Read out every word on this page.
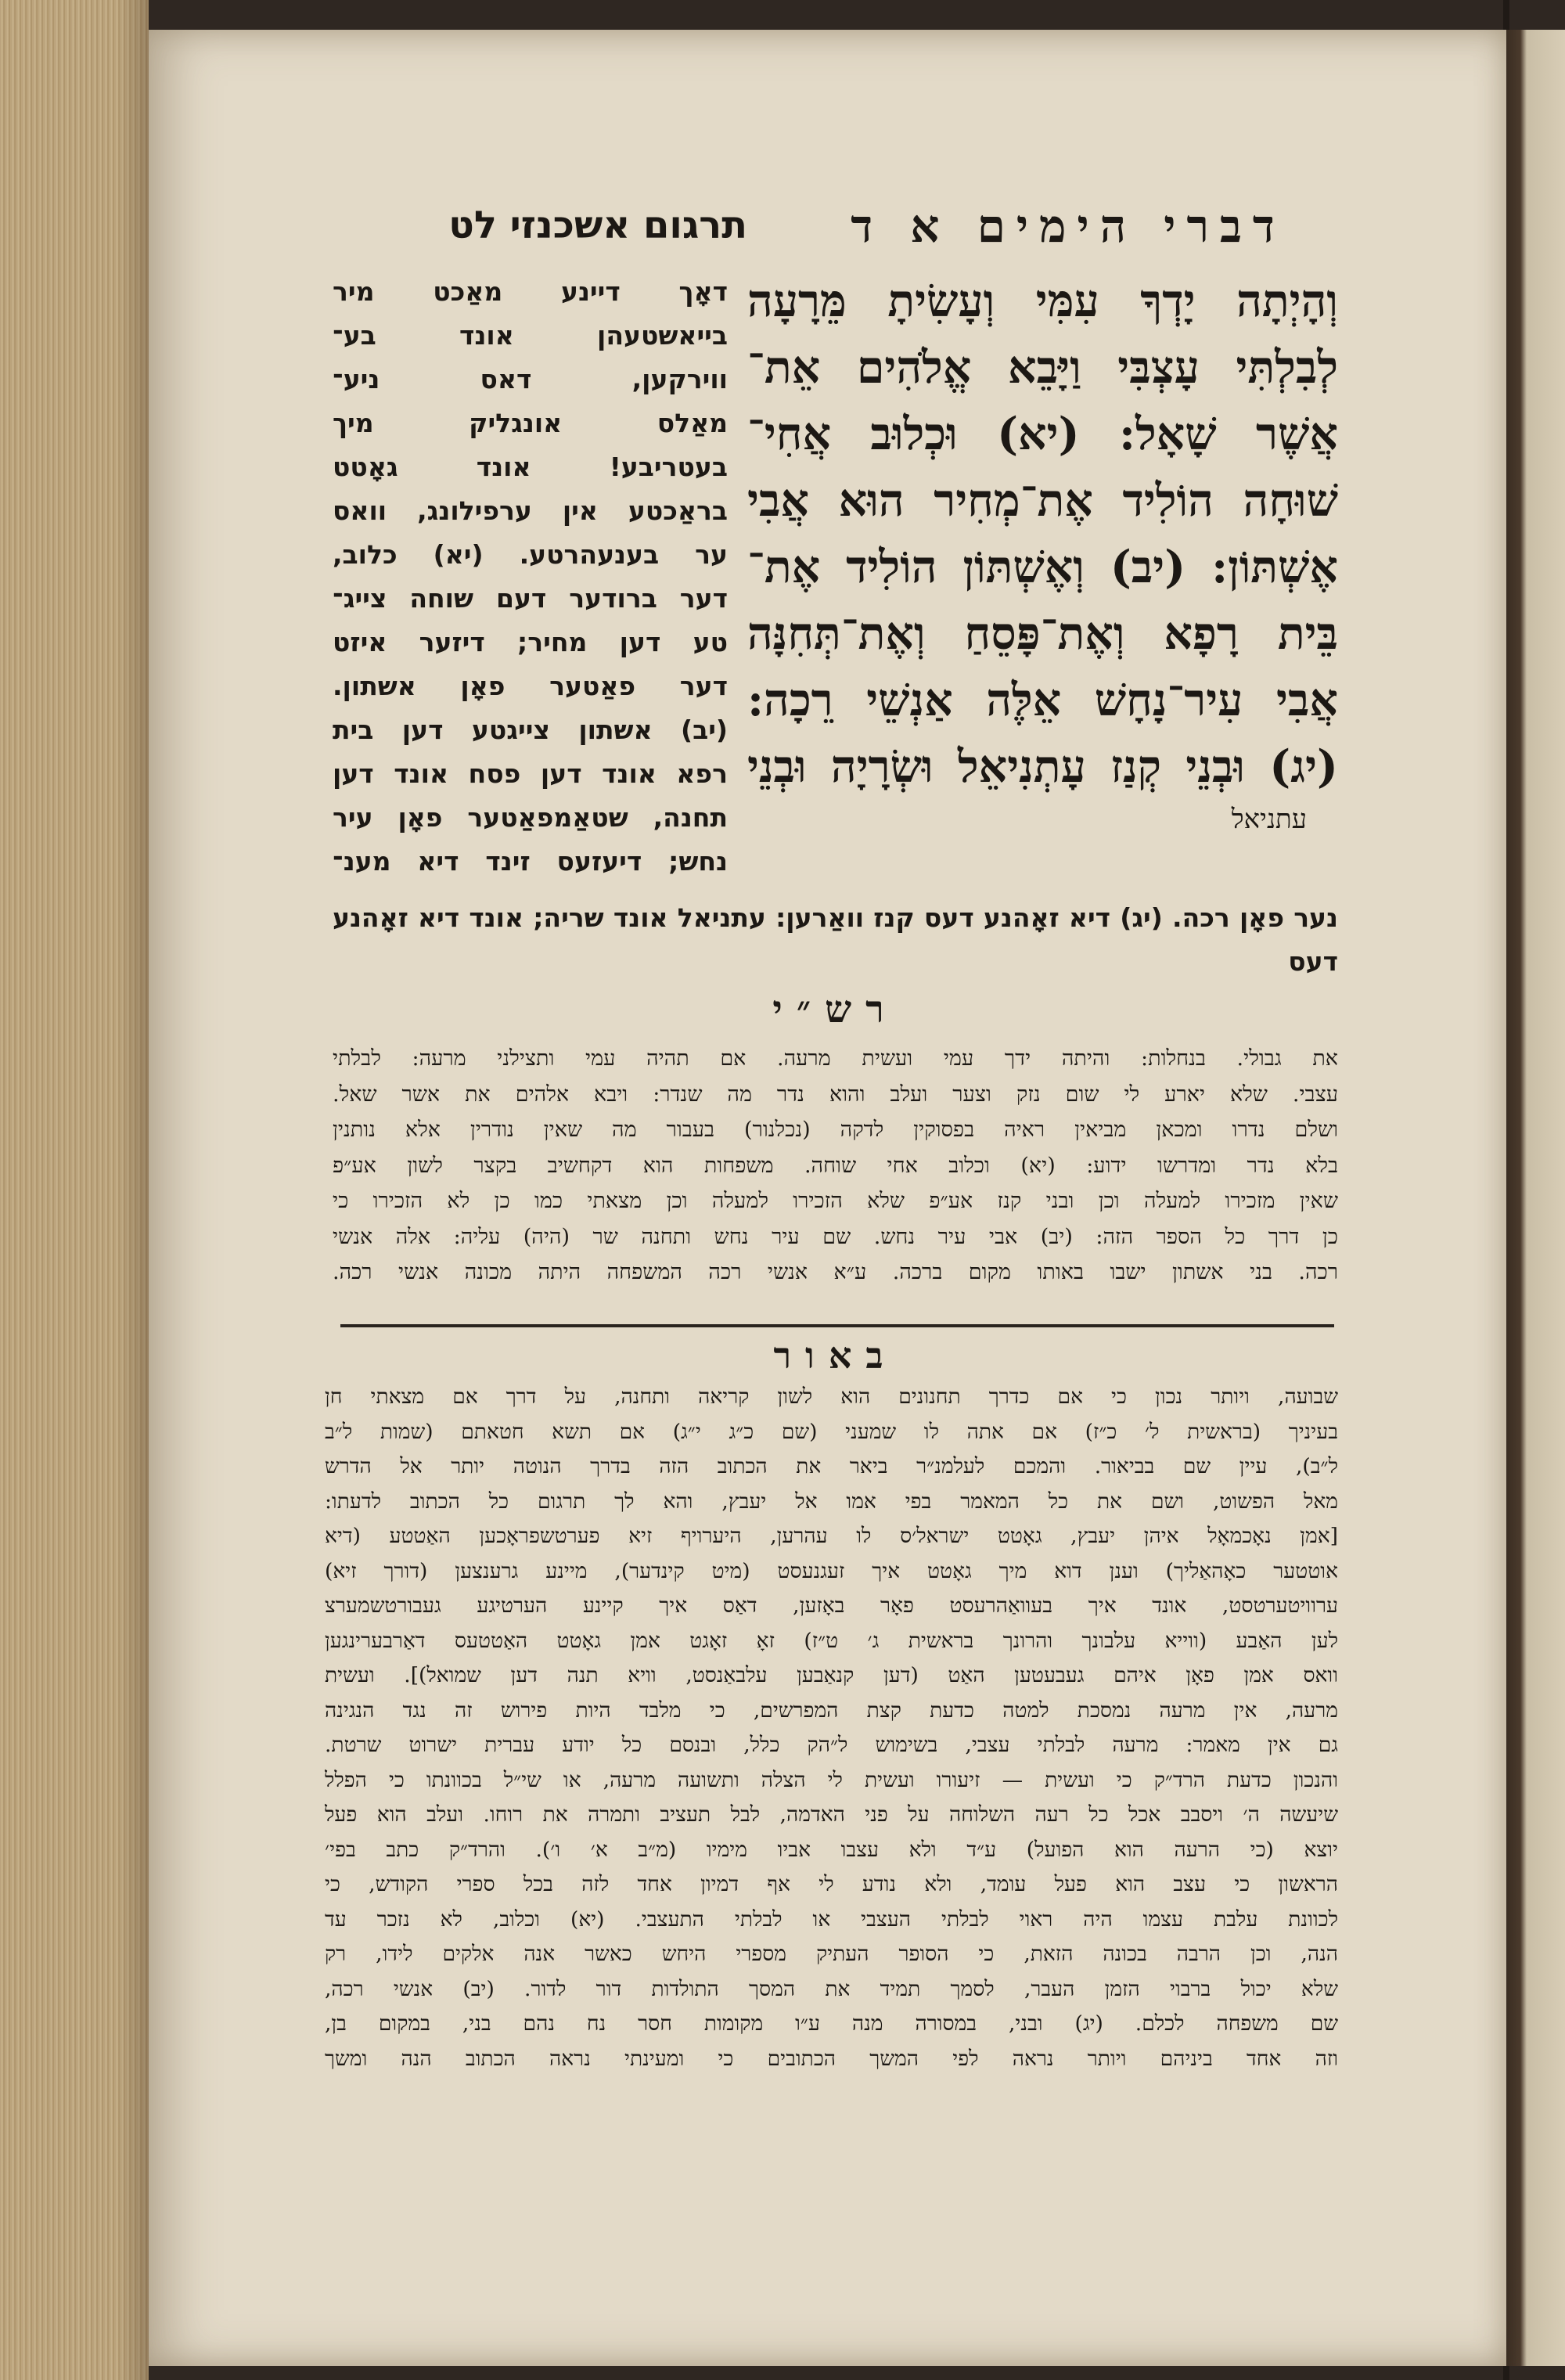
דברי הימים א ד
תרגום אשכנזי לט
וְהָיְתָה יָדְךָ עִמִּי וְעָשִׂיתָ מֵּרָעָה
לְבִלְתִּי עָצְבִּי וַיָּבֵא אֱלֹהִים אֵת־
אֲשֶׁר שָׁאָל: (יא) וּכְלוּב אֲחִי־
שׁוּחָה הוֹלִיד אֶת־מְחִיר הוּא אֲבִי
אֶשְׁתּוֹן: (יב) וְאֶשְׁתּוֹן הוֹלִיד אֶת־
בֵּית רָפָא וְאֶת־פָּסֵחַ וְאֶת־תְּחִנָּה
אֲבִי עִיר־נָחָשׁ אֵלֶּה אַנְשֵׁי רֵכָה:
(יג) וּבְנֵי קְנַז עָתְנִיאֵל וּשְׂרָיָה וּבְנֵי
עתניאל
דאָך דיינע מאַכט מיר
בייאשטעהן אונד בע־
ווירקען, דאס ניע־
מאַלס אונגליק מיך
בעטריבע! אונד גאָטט
בראַכטע אין ערפילונג, וואס
ער בענעהרטע. (יא) כלוב,
דער ברודער דעם שוחה צייג־
טע דען מחיר; דיזער איזט
דער פאַטער פאָן אשתון.
(יב) אשתון צייגטע דען בית
רפא אונד דען פסח אונד דען
תחנה, שטאַמפאַטער פאָן עיר
נחש; דיעזעס זינד דיא מענ־
נער פאָן רכה. (יג) דיא זאָהנע דעס קנז וואַרען: עתניאל אונד שריה; אונד דיא זאָהנע
דעס
רש״י
את גבולי. בנחלות: והיתה ידך עמי ועשית מרעה. אם תהיה עמי ותצילני מרעה: לבלתי
עצבי. שלא יארע לי שום נזק וצער ועלב והוא נדר מה שנדר: ויבא אלהים את אשר שאל.
ושלם נדרו ומכאן מביאין ראיה בפסוקין לדקה (נכלנור) בעבור מה שאין נודרין אלא נותנין
בלא נדר ומדרשו ידוע: (יא) וכלוב אחי שוחה. משפחות הוא דקחשיב בקצר לשון אע״פ
שאין מזכירו למעלה וכן ובני קנז אע״פ שלא הזכירו למעלה וכן מצאתי כמו כן לא הזכירו כי
כן דרך כל הספר הזה: (יב) אבי עיר נחש. שם עיר נחש ותחנה שר (היה) עליה: אלה אנשי
רכה. בני אשתון ישבו באותו מקום ברכה. ע״א אנשי רכה המשפחה היתה מכונה אנשי רכה.
באור
שבועה, ויותר נכון כי אם כדרך תחנונים הוא לשון קריאה ותחנה, על דרך אם מצאתי חן
בעיניך (בראשית ל׳ כ״ז) אם אתה לו שמעני (שם כ״ג י״ג) אם תשא חטאתם (שמות ל״ב
ל״ב), עיין שם בביאור. והמכם לעלמנ״ר ביאר את הכתוב הזה בדרך הנוטה יותר אל הדרש
מאל הפשוט, ושם את כל המאמר בפי אמו אל יעבץ, והא לך תרגום כל הכתוב לדעתו:
[אמן נאָכמאָל איהן יעבץ, גאָטט ישראל׳ס לו עהרען, היערויף זיא פערטשפראָכען האַטטע (דיא
אוטטער כאָהאַליך) וענן דוא מיך גאָטט איך זעגנעסט (מיט קינדער), מיינע גרענצען (דורך זיא)
ערוויטערטסט, אונד איך בעוואַהרעסט פאָר באָזען, דאַס איך קיינע הערטיגע געבורטשמערצ
לען האַבע (ווייא עלבונך והרונך בראשית ג׳ ט״ז) זאָ זאָגט אמן גאָטט האַטטעס דאַרבערינגען
וואס אמן פאָן איהם געבעטען האַט (דען קנאַבען עלבאַנסט, וויא תנה דען שמואל)]. ועשית
מרעה, אין מרעה נמסכת למטה כדעת קצת המפרשים, כי מלבד היות פירוש זה נגד הנגינה
גם אין מאמר: מרעה לבלתי עצבי, בשימוש ל״הק כלל, ובנסם כל יודע עברית ישרוט שרטת.
והנכון כדעת הרד״ק כי ועשית — זיעורו ועשית לי הצלה ותשועה מרעה, או שי״ל בכוונתו כי הפלל
שיעשה ה׳ ויסבב אכל כל רעה השלוחה על פני האדמה, לבל תעציב ותמרה את רוחו. ועלב הוא פעל
יוצא (כי הרעה הוא הפועל) ע״ד ולא עצבו אביו מימיו (מ״ב א׳ ו׳). והרד״ק כתב בפי׳
הראשון כי עצב הוא פעל עומד, ולא נודע לי אף דמיון אחד לזה בכל ספרי הקודש, כי
לכוונת עלבת עצמו היה ראוי לבלתי העצבי או לבלתי התעצבי. (יא) וכלוב, לא נזכר עד
הנה, וכן הרבה בכונה הזאת, כי הסופר העתיק מספרי היחש כאשר אנה אלקים לידו, רק
שלא יכול ברבוי הזמן העבר, לסמך תמיד את המסך התולדות דור לדור. (יב) אנשי רכה,
שם משפחה לכלם. (יג) ובני, במסורה מנה ע״ו מקומות חסר נח נהם בני, במקום בן,
וזה אחד ביניהם ויותר נראה לפי המשך הכתובים כי ומעינתי נראה הכתוב הנה ומשך
